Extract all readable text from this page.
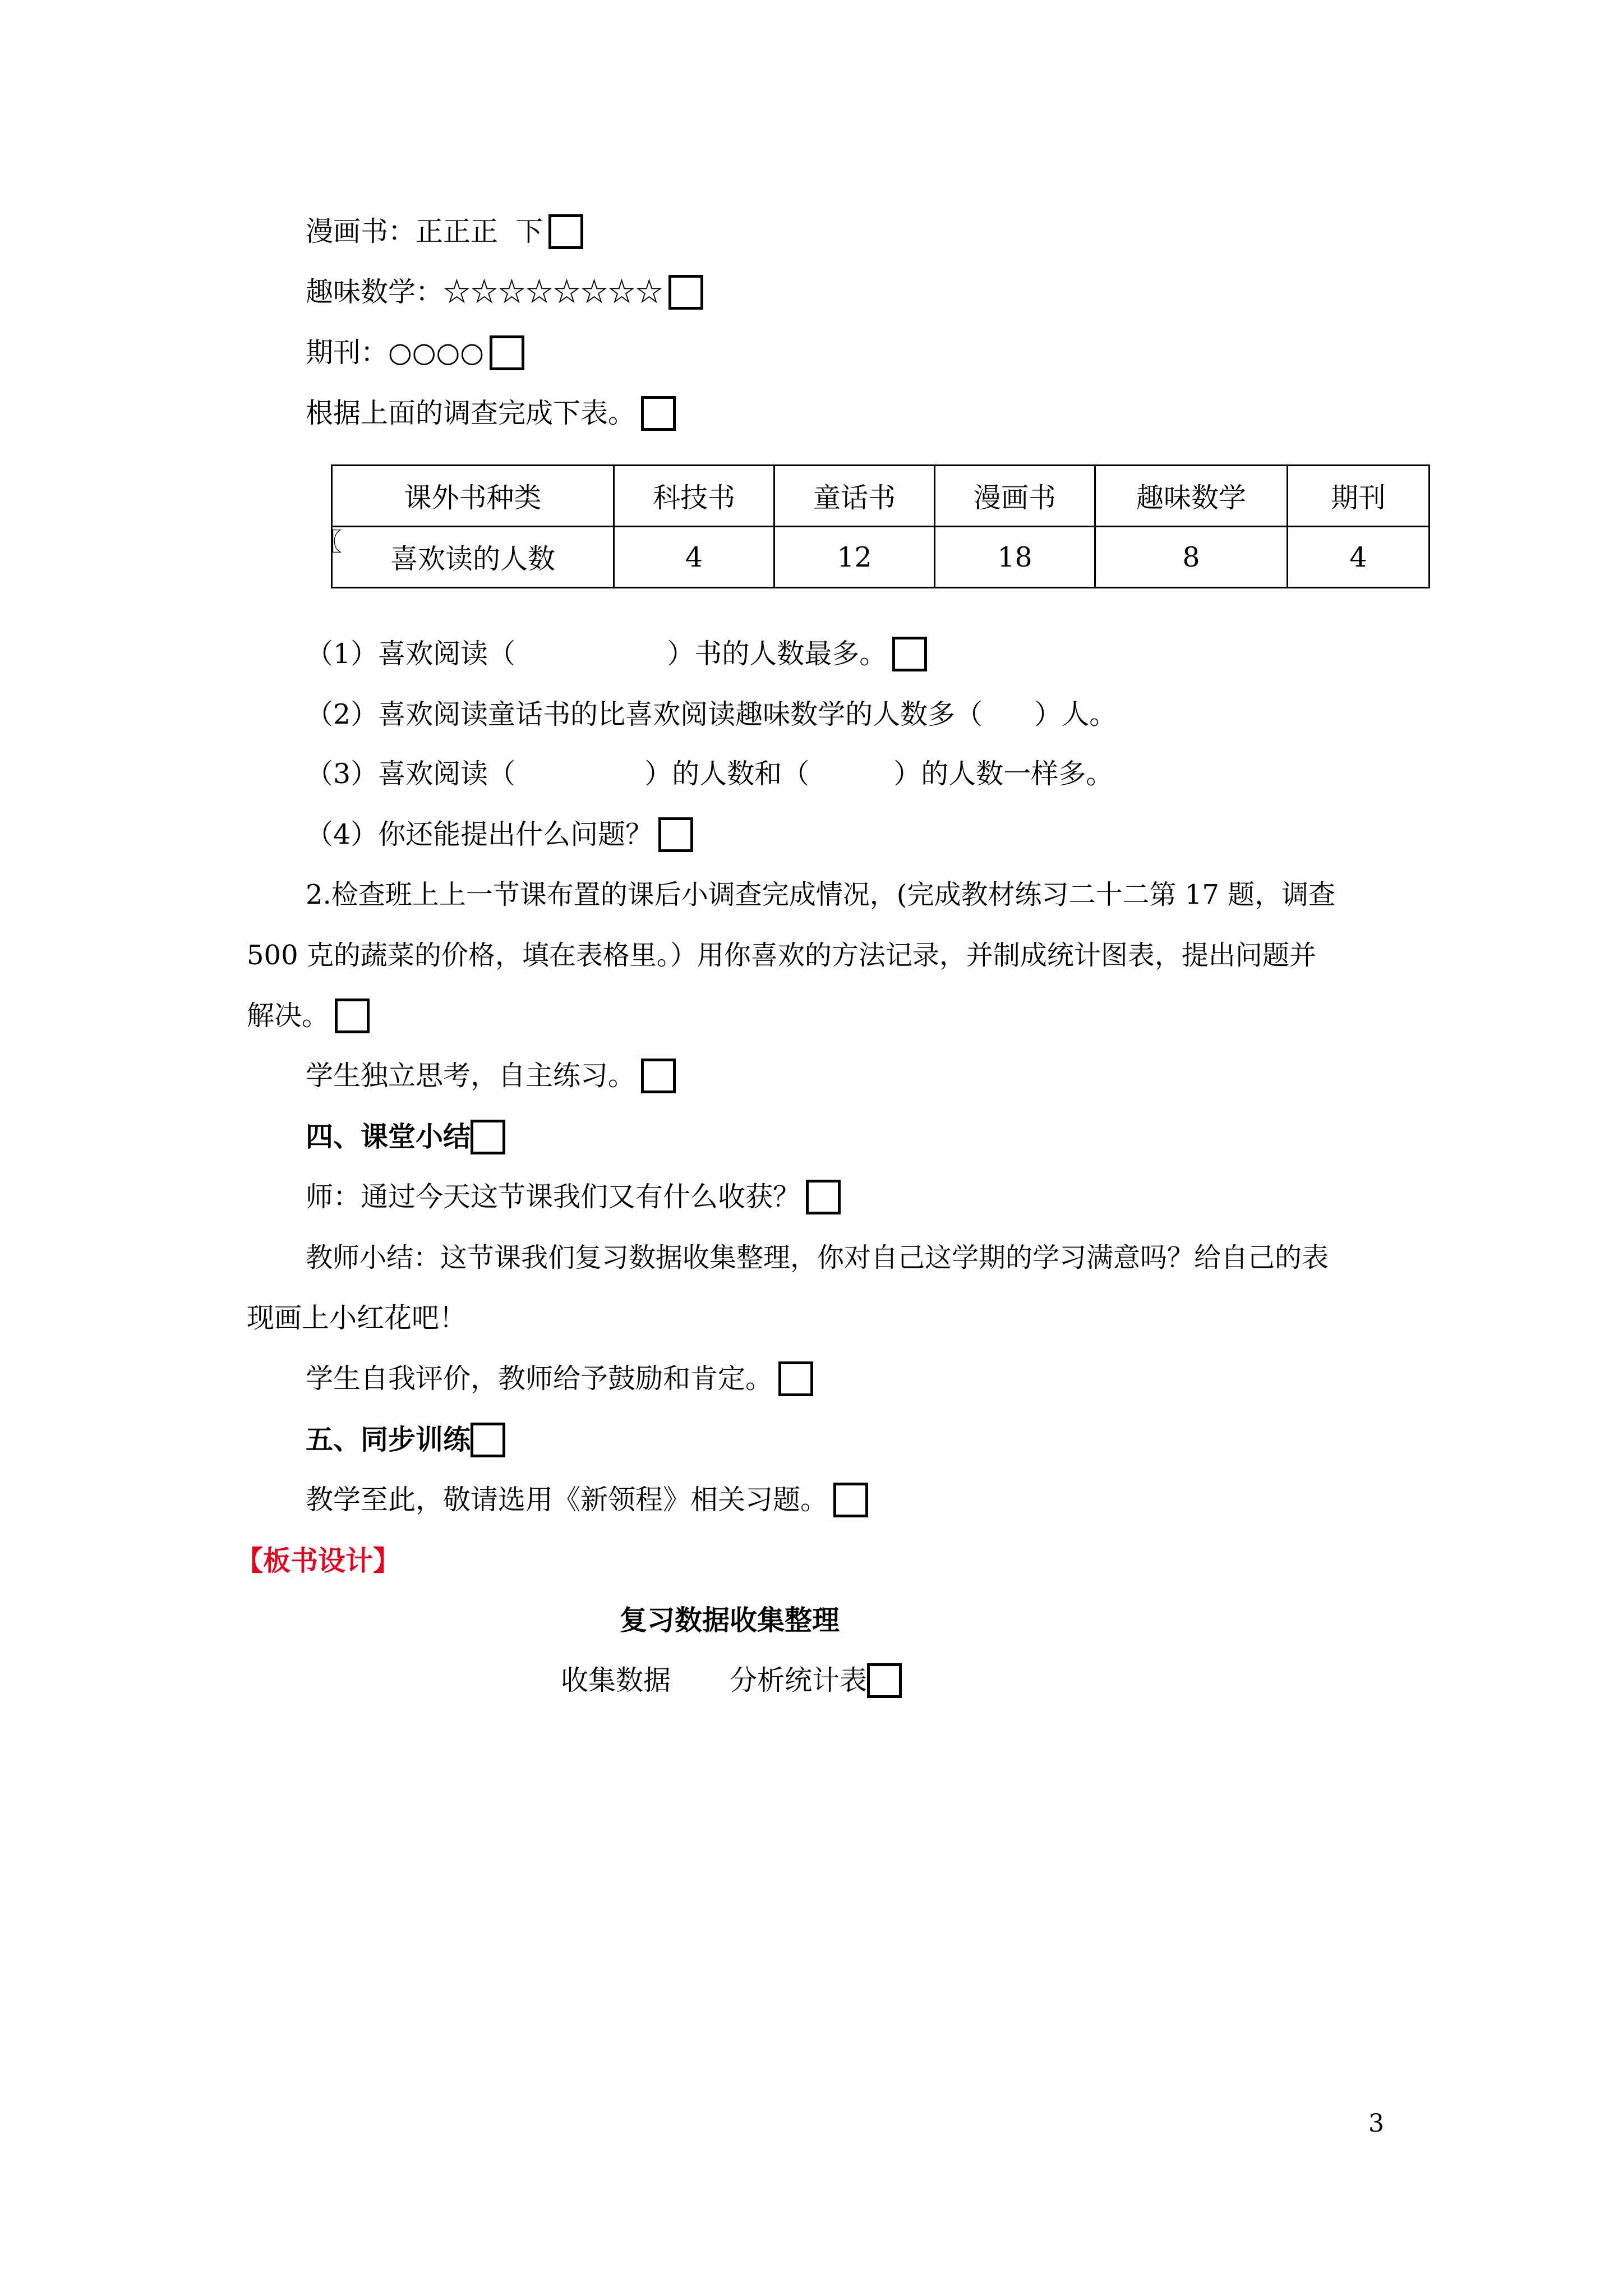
漫画书：正正正  下
趣味数学：☆☆☆☆☆☆☆☆
期刊：○○○○
根据上面的调查完成下表。
〖
课外书种类	科技书	童话书	漫画书	趣味数学	期刊
喜欢读的人数	4	12	18	8	4
（1）喜欢阅读（	）书的人数最多。
（2）喜欢阅读童话书的比喜欢阅读趣味数学的人数多（ ）人。
（3）喜欢阅读（	）的人数和（	）的人数一样多。
（4）你还能提出什么问题？
2.检查班上上一节课布置的课后小调查完成情况，(完成教材练习二十二第 17 题，调查
500 克的蔬菜的价格，填在表格里。）用你喜欢的方法记录，并制成统计图表，提出问题并
解决。
学生独立思考，自主练习。
四、课堂小结
师：通过今天这节课我们又有什么收获？
教师小结：这节课我们复习数据收集整理，你对自己这学期的学习满意吗？给自己的表
现画上小红花吧！
学生自我评价，教师给予鼓励和肯定。
五、同步训练
教学至此，敬请选用《新领程》相关习题。
【板书设计】
复习数据收集整理
收集数据 分析统计表
3
